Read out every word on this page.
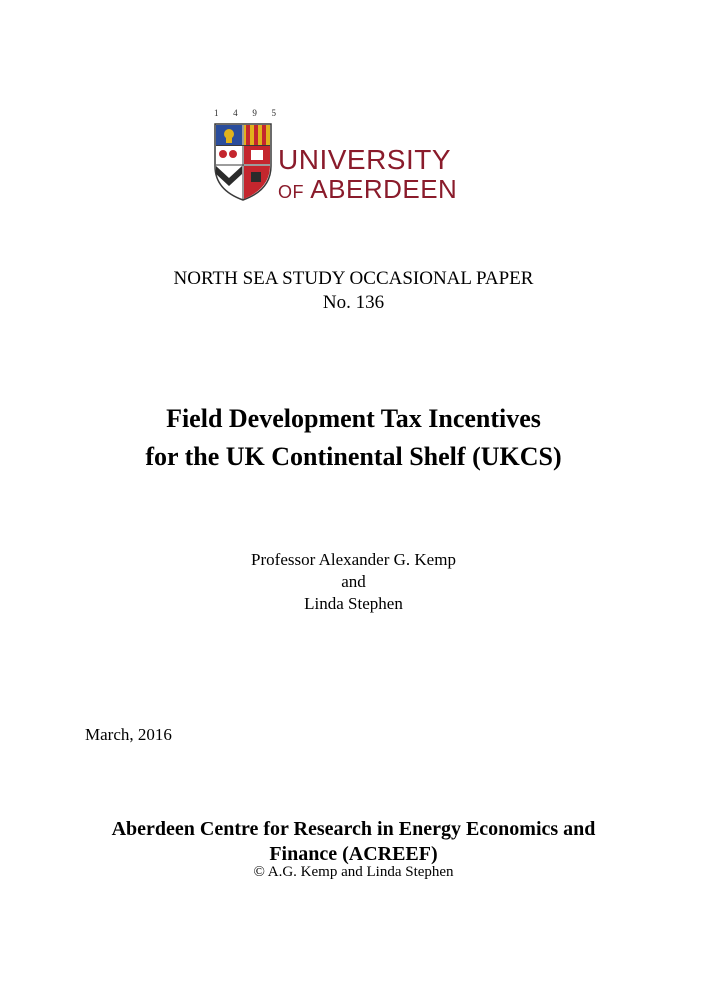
1 4 9 5
UNIVERSITY
OF ABERDEEN
NORTH SEA STUDY OCCASIONAL PAPER
No. 136
Field Development Tax Incentives
for the UK Continental Shelf (UKCS)
Professor Alexander G. Kemp
and
Linda Stephen
March, 2016
Aberdeen Centre for Research in Energy Economics and
Finance (ACREEF)
© A.G. Kemp and Linda Stephen
